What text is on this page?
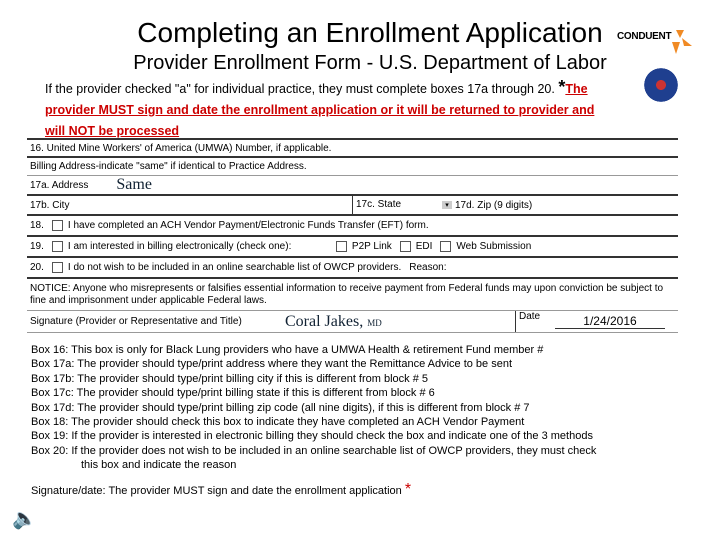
Completing an Enrollment Application
Provider Enrollment Form - U.S. Department of Labor
CONDUENT
If the provider checked "a" for individual practice, they must complete boxes 17a through 20. *The provider MUST sign and date the enrollment application or it will be returned to provider and will NOT be processed
16. United Mine Workers' of America (UMWA) Number, if applicable.
Billing Address-indicate "same" if identical to Practice Address.
17a. Address Same
17b. City	17c. State	▾ 17d. Zip (9 digits)
18. I have completed an ACH Vendor Payment/Electronic Funds Transfer (EFT) form.
19. I am interested in billing electronically (check one):	P2P Link EDI Web Submission
20. I do not wish to be included in an online searchable list of OWCP providers. Reason:
NOTICE: Anyone who misrepresents or falsifies essential information to receive payment from Federal funds may upon conviction be subject to fine and imprisonment under applicable Federal laws.
Signature (Provider or Representative and Title)	Coral Jakes, MD
Date	1/24/2016
Box 16: This box is only for Black Lung providers who have a UMWA Health & retirement Fund member #
Box 17a: The provider should type/print address where they want the Remittance Advice to be sent
Box 17b: The provider should type/print billing city if this is different from block # 5
Box 17c: The provider should type/print billing state if this is different from block # 6
Box 17d: The provider should type/print billing zip code (all nine digits), if this is different from block # 7
Box 18: The provider should check this box to indicate they have completed an ACH Vendor Payment
Box 19: If the provider is interested in electronic billing they should check the box and indicate one of the 3 methods
Box 20: If the provider does not wish to be included in an online searchable list of OWCP providers, they must check
this box and indicate the reason
Signature/date: The provider MUST sign and date the enrollment application *
🔈
